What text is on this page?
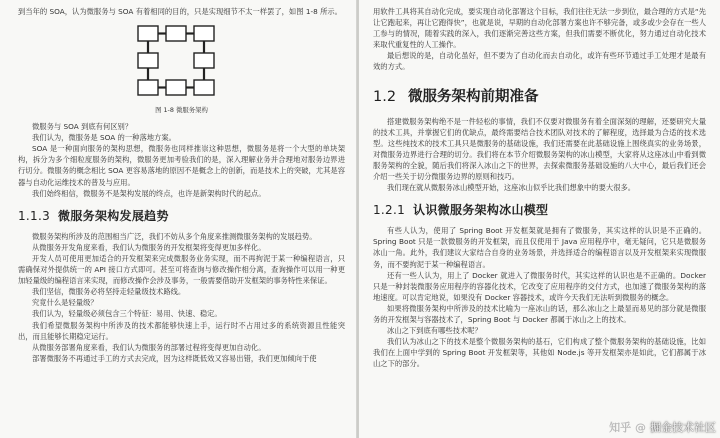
到当年的 SOA，认为微服务与 SOA 有着相同的目的，只是实现细节不太一样罢了，如图 1-8 所示。

图 1-8 微服务架构

微服务与 SOA 到底有何区别？

我们认为，微服务是 SOA 的一种落地方案。

SOA 是一种面向服务的架构思想，微服务也同样推崇这种思想，微服务是将一个大型的单块架构，拆分为多个细粒度服务的架构，微服务更加考验我们的是，深入理解业务并合理地对服务边界进行切分。微服务的概念相比 SOA 更容易落地的原因不是概念上的创新，而是技术上的突破，尤其是容器与自动化运维技术的普及与应用。

我们始终相信，微服务不是架构发展的终点，也许是新架构时代的起点。

1.1.3 微服务架构发展趋势

微服务架构所涉及的范围相当广泛，我们不妨从多个角度来推测微服务架构的发展趋势。

从微服务开发角度来看，我们认为微服务的开发框架将变得更加多样化。

开发人员可使用更加适合的开发框架来完成微服务业务实现，而不再拘泥于某一种编程语言，只需确保对外提供统一的 API 接口方式即可。甚至可将查询与修改操作相分离，查询操作可以用一种更加轻量级的编程语言来实现，而修改操作会涉及事务，一般需要借助开发框架的事务特性来保证。

我们坚信，微服务必将坚持走轻量级技术路线。

究竟什么是轻量级？

我们认为，轻量级必须包含三个特征：易用、快速、稳定。

我们希望微服务架构中所涉及的技术都能够快速上手，运行时不占用过多的系统资源且性能突出，而且能够长期稳定运行。

从微服务部署角度来看，我们认为微服务的部署过程将变得更加自动化。

部署微服务不再通过手工的方式去完成，因为这样既低效又容易出错，我们更加倾向于使

用软件工具将其自动化完成，要实现自动化部署这个目标，我们往往无法一步到位，最合理的方式是“先让它跑起来，再让它跑得快”，也就是说，早期的自动化部署方案也许不够完备，或多或少会存在一些人工参与的情况，随着实践的深入，我们逐渐完善这些方案，但我们需要不断优化，努力通过自动化技术来取代重复性的人工操作。

最后想说的是，自动化虽好，但不要为了自动化而去自动化，或许有些环节通过手工处理才是最有效的方式。

1.2 微服务架构前期准备

搭建微服务架构绝不是一件轻松的事情，我们不仅要对微服务有着全面深刻的理解，还要研究大量的技术工具，并掌握它们的优缺点，最终需要结合技术团队对技术的了解程度，选择最为合适的技术选型。这些纯技术的技术工具只是微服务的基础设施，我们还需要在此基础设施上围绕真实的业务场景，对微服务边界进行合理的切分。我们将在本节介绍微服务架构的冰山模型，大家将从这座冰山中看到微服务架构的全貌，随后我们将深入冰山之下的世界，去探索微服务基础设施的八大中心，最后我们还会介绍一些关于切分微服务边界的原则和技巧。

我们现在就从微服务冰山模型开始，这座冰山似乎比我们想象中的要大很多。

1.2.1 认识微服务架构冰山模型

有些人认为，使用了 Spring Boot 开发框架就是拥有了微服务，其实这样的认识是不正确的。Spring Boot 只是一款微服务的开发框架，而且仅使用于 Java 应用程序中，毫无疑问，它只是微服务冰山一角。此外，我们建议大家结合自身的业务场景，并选择适合的编程语言以及开发框架来实现微服务，而不要拘泥于某一种编程语言。

还有一些人认为，用上了 Docker 就进入了微服务时代，其实这样的认识也是不正确的。Docker 只是一种封装微服务应用程序的容器化技术，它改变了应用程序的交付方式，也加速了微服务架构的落地速度。可以肯定地说，如果没有 Docker 容器技术，或许今天我们无法听到微服务的概念。

如果将微服务架构中所涉及的技术比喻为一座冰山的话，那么冰山之上最显而易见的部分就是微服务的开发框架与容器技术了，Spring Boot 与 Docker 都属于冰山之上的技术。

冰山之下到底有哪些技术呢？

我们认为冰山之下的技术是整个微服务架构的基石，它们构成了整个微服务架构的基础设施，比如我们在上面中学到的 Spring Boot 开发框架等，其他如 Node.js 等开发框架亦是如此，它们都属于冰山之下的部分。

知乎 @ 掘金技术社区
